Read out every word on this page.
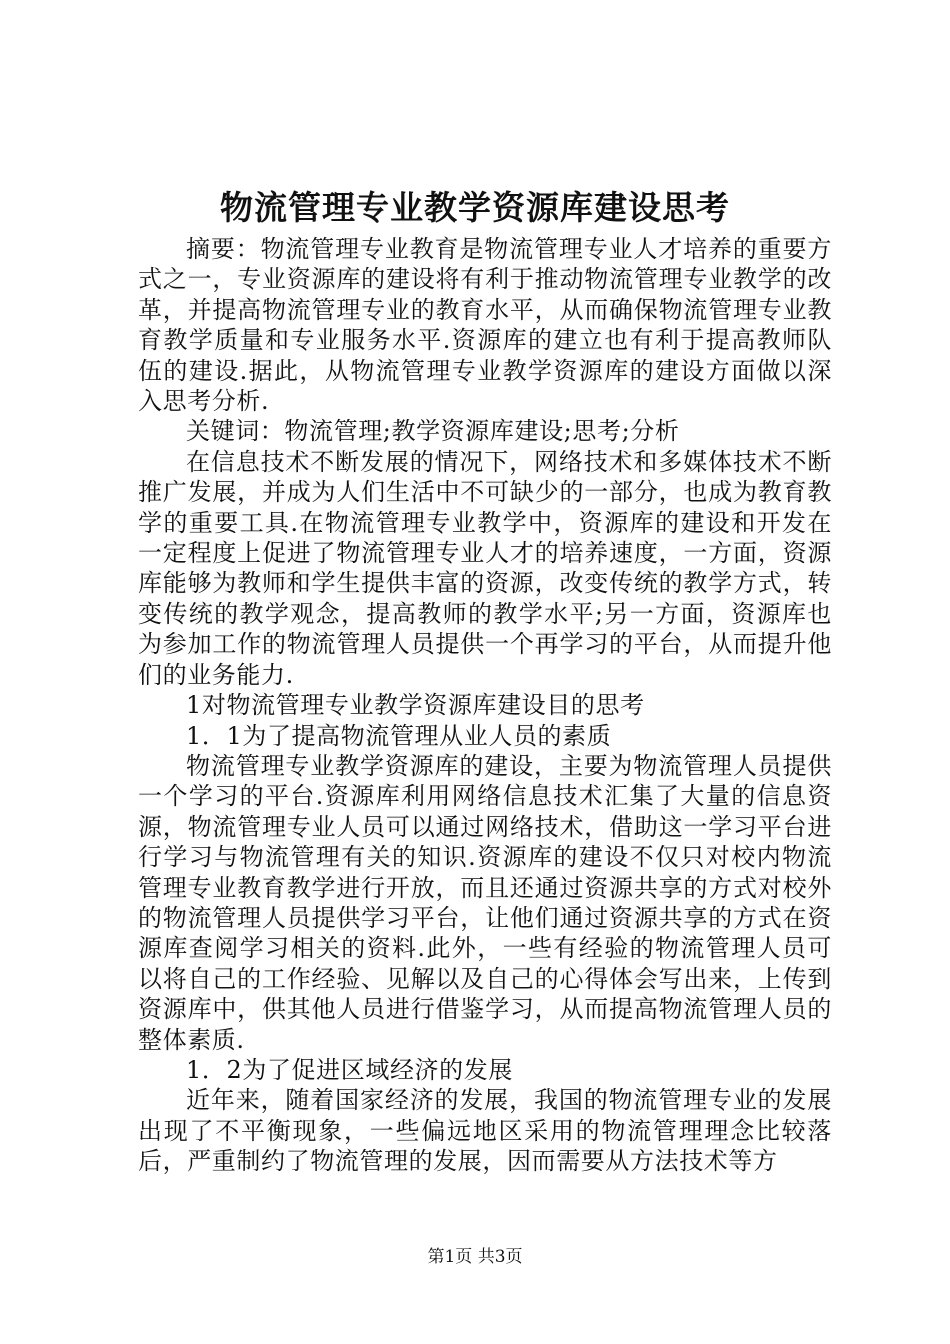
物流管理专业教学资源库建设思考

摘要：物流管理专业教育是物流管理专业人才培养的重要方式之一，专业资源库的建设将有利于推动物流管理专业教学的改革，并提高物流管理专业的教育水平，从而确保物流管理专业教育教学质量和专业服务水平.资源库的建立也有利于提高教师队伍的建设.据此，从物流管理专业教学资源库的建设方面做以深入思考分析.

关键词：物流管理;教学资源库建设;思考;分析

在信息技术不断发展的情况下，网络技术和多媒体技术不断推广发展，并成为人们生活中不可缺少的一部分，也成为教育教学的重要工具.在物流管理专业教学中，资源库的建设和开发在一定程度上促进了物流管理专业人才的培养速度，一方面，资源库能够为教师和学生提供丰富的资源，改变传统的教学方式，转变传统的教学观念，提高教师的教学水平;另一方面，资源库也为参加工作的物流管理人员提供一个再学习的平台，从而提升他们的业务能力.

1对物流管理专业教学资源库建设目的思考

1．1为了提高物流管理从业人员的素质

物流管理专业教学资源库的建设，主要为物流管理人员提供一个学习的平台.资源库利用网络信息技术汇集了大量的信息资源，物流管理专业人员可以通过网络技术，借助这一学习平台进行学习与物流管理有关的知识.资源库的建设不仅只对校内物流管理专业教育教学进行开放，而且还通过资源共享的方式对校外的物流管理人员提供学习平台，让他们通过资源共享的方式在资源库查阅学习相关的资料.此外，一些有经验的物流管理人员可以将自己的工作经验、见解以及自己的心得体会写出来，上传到资源库中，供其他人员进行借鉴学习，从而提高物流管理人员的整体素质.

1．2为了促进区域经济的发展

近年来，随着国家经济的发展，我国的物流管理专业的发展出现了不平衡现象，一些偏远地区采用的物流管理理念比较落后，严重制约了物流管理的发展，因而需要从方法技术等方

第1页 共3页
